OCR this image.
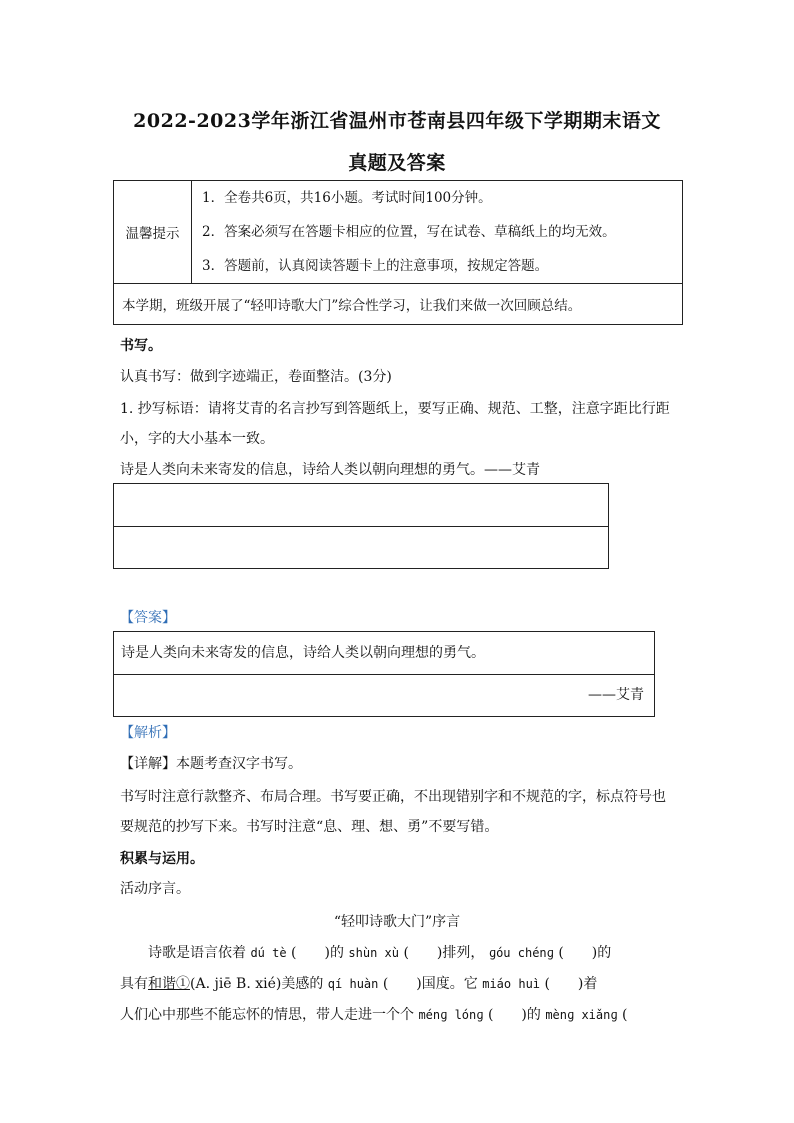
2022-2023学年浙江省温州市苍南县四年级下学期期末语文
真题及答案
温馨提示	
1．全卷共6页，共16小题。考试时间100分钟。
2．答案必须写在答题卡相应的位置，写在试卷、草稿纸上的均无效。
3．答题前，认真阅读答题卡上的注意事项，按规定答题。

本学期，班级开展了“轻叩诗歌大门”综合性学习，让我们来做一次回顾总结。
书写。
认真书写：做到字迹端正，卷面整洁。(3分)
1. 抄写标语：请将艾青的名言抄写到答题纸上，要写正确、规范、工整，注意字距比行距
小，字的大小基本一致。
诗是人类向未来寄发的信息，诗给人类以朝向理想的勇气。——艾青
【答案】
诗是人类向未来寄发的信息，诗给人类以朝向理想的勇气。
——艾青
【解析】
【详解】本题考查汉字书写。
书写时注意行款整齐、布局合理。书写要正确，不出现错别字和不规范的字，标点符号也
要规范的抄写下来。书写时注意“息、理、想、勇”不要写错。
积累与运用。
活动序言。
“轻叩诗歌大门”序言
诗歌是语言依着 dú tè (　　)的 shùn xù (　　)排列， ɡóu chénɡ (　　)的
具有和谐①(A. jiē B. xié)美感的 qí huàn (　　)国度。它 miáo huì (　　)着
人们心中那些不能忘怀的情思，带人走进一个个 ménɡ lónɡ (　　)的 mènɡ xiǎnɡ (
